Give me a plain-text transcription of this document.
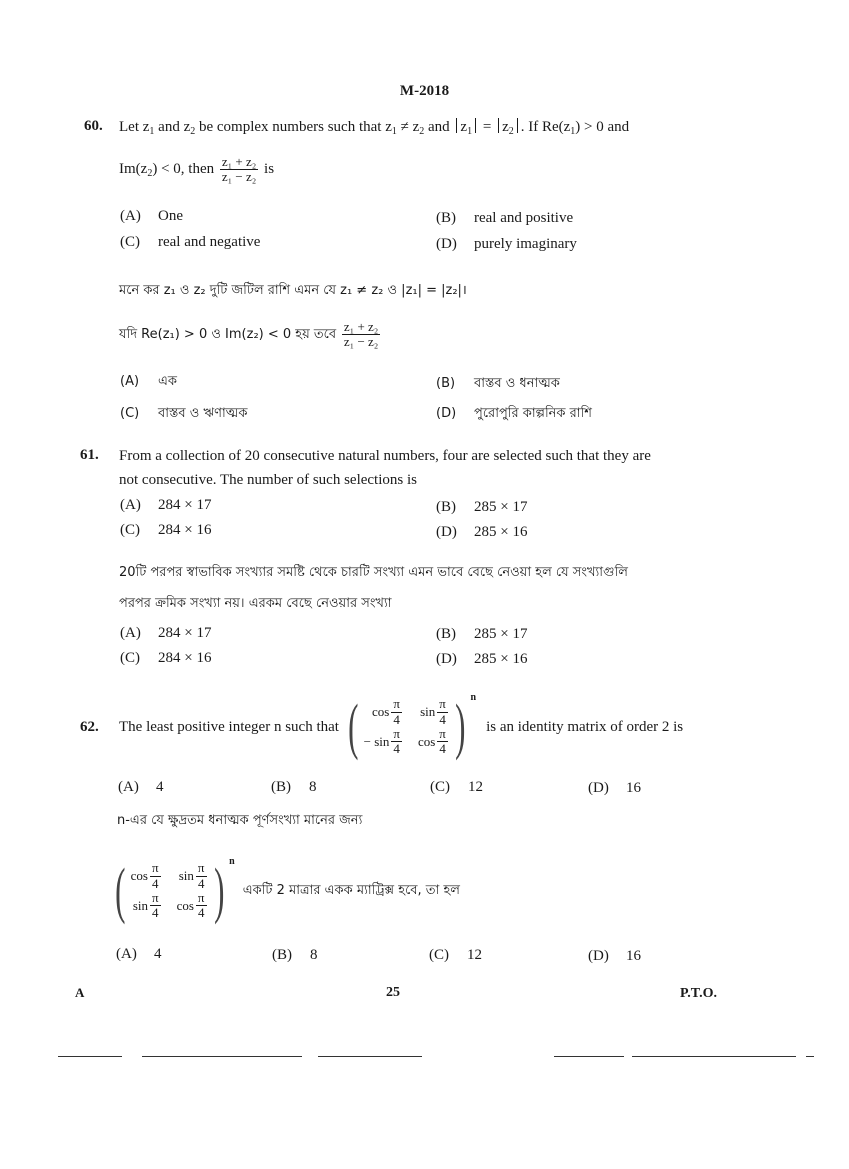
M-2018
60. Let $z_1$ and $z_2$ be complex numbers such that $z_1 \ne z_2$ and $z_1 = z_2$ . If $Re(z_1) > 0$ and
$Im(z_2) < 0$, then $\frac{\text{z₁ + z₂}}{\text{z₁ − z₂}}$ is
(A) One	(B) real and positive
(C) real and negative	(D) purely imaginary
মনে কর z₁ ও z₂ দুটি জটিল রাশি এমন যে z₁ ≠ z₂ ও |z₁| = |z₂|।
যদি Re(z₁) > 0 ও Im(z₂) < 0 হয় তবে $\frac{\text{z₁ + z₂}}{\text{z₁ − z₂}}$
(A) এক	(B) বাস্তব ও ধনাত্মক
(C) বাস্তব ও ঋণাত্মক	(D) পুরোপুরি কাল্পনিক রাশি
61. From a collection of 20 consecutive natural numbers, four are selected such that they are
not consecutive. The number of such selections is
(A) 284 × 17	(B) 285 × 17
(C) 284 × 16	(D) 285 × 16
20টি পরপর স্বাভাবিক সংখ্যার সমষ্টি থেকে চারটি সংখ্যা এমন ভাবে বেছে নেওয়া হল যে সংখ্যাগুলি
পরপর ক্রমিক সংখ্যা নয়। এরকম বেছে নেওয়ার সংখ্যা
(A) 284 × 17	(B) 285 × 17
(C) 284 × 16	(D) 285 × 16
62. The least positive integer n such that ( $\cos \frac{\pi}{4}$ $\sin \frac{\pi}{4}$
− $\sin \frac{\pi}{4}$ $\cos \frac{\pi}{4}$ ) n
is an identity matrix of order 2 is
(A) 4	(B) 8	(C) 12	(D) 16
n-এর যে ক্ষুদ্রতম ধনাত্মক পূর্ণসংখ্যা মানের জন্য
( $\cos \frac{\pi}{4}$ $\sin \frac{\pi}{4}$
$\sin \frac{\pi}{4}$ $\cos \frac{\pi}{4}$ ) n
একটি 2 মাত্রার একক ম্যাট্রিক্স হবে, তা হল
(A) 4	(B) 8	(C) 12	(D) 16
A	25	P.T.O.
